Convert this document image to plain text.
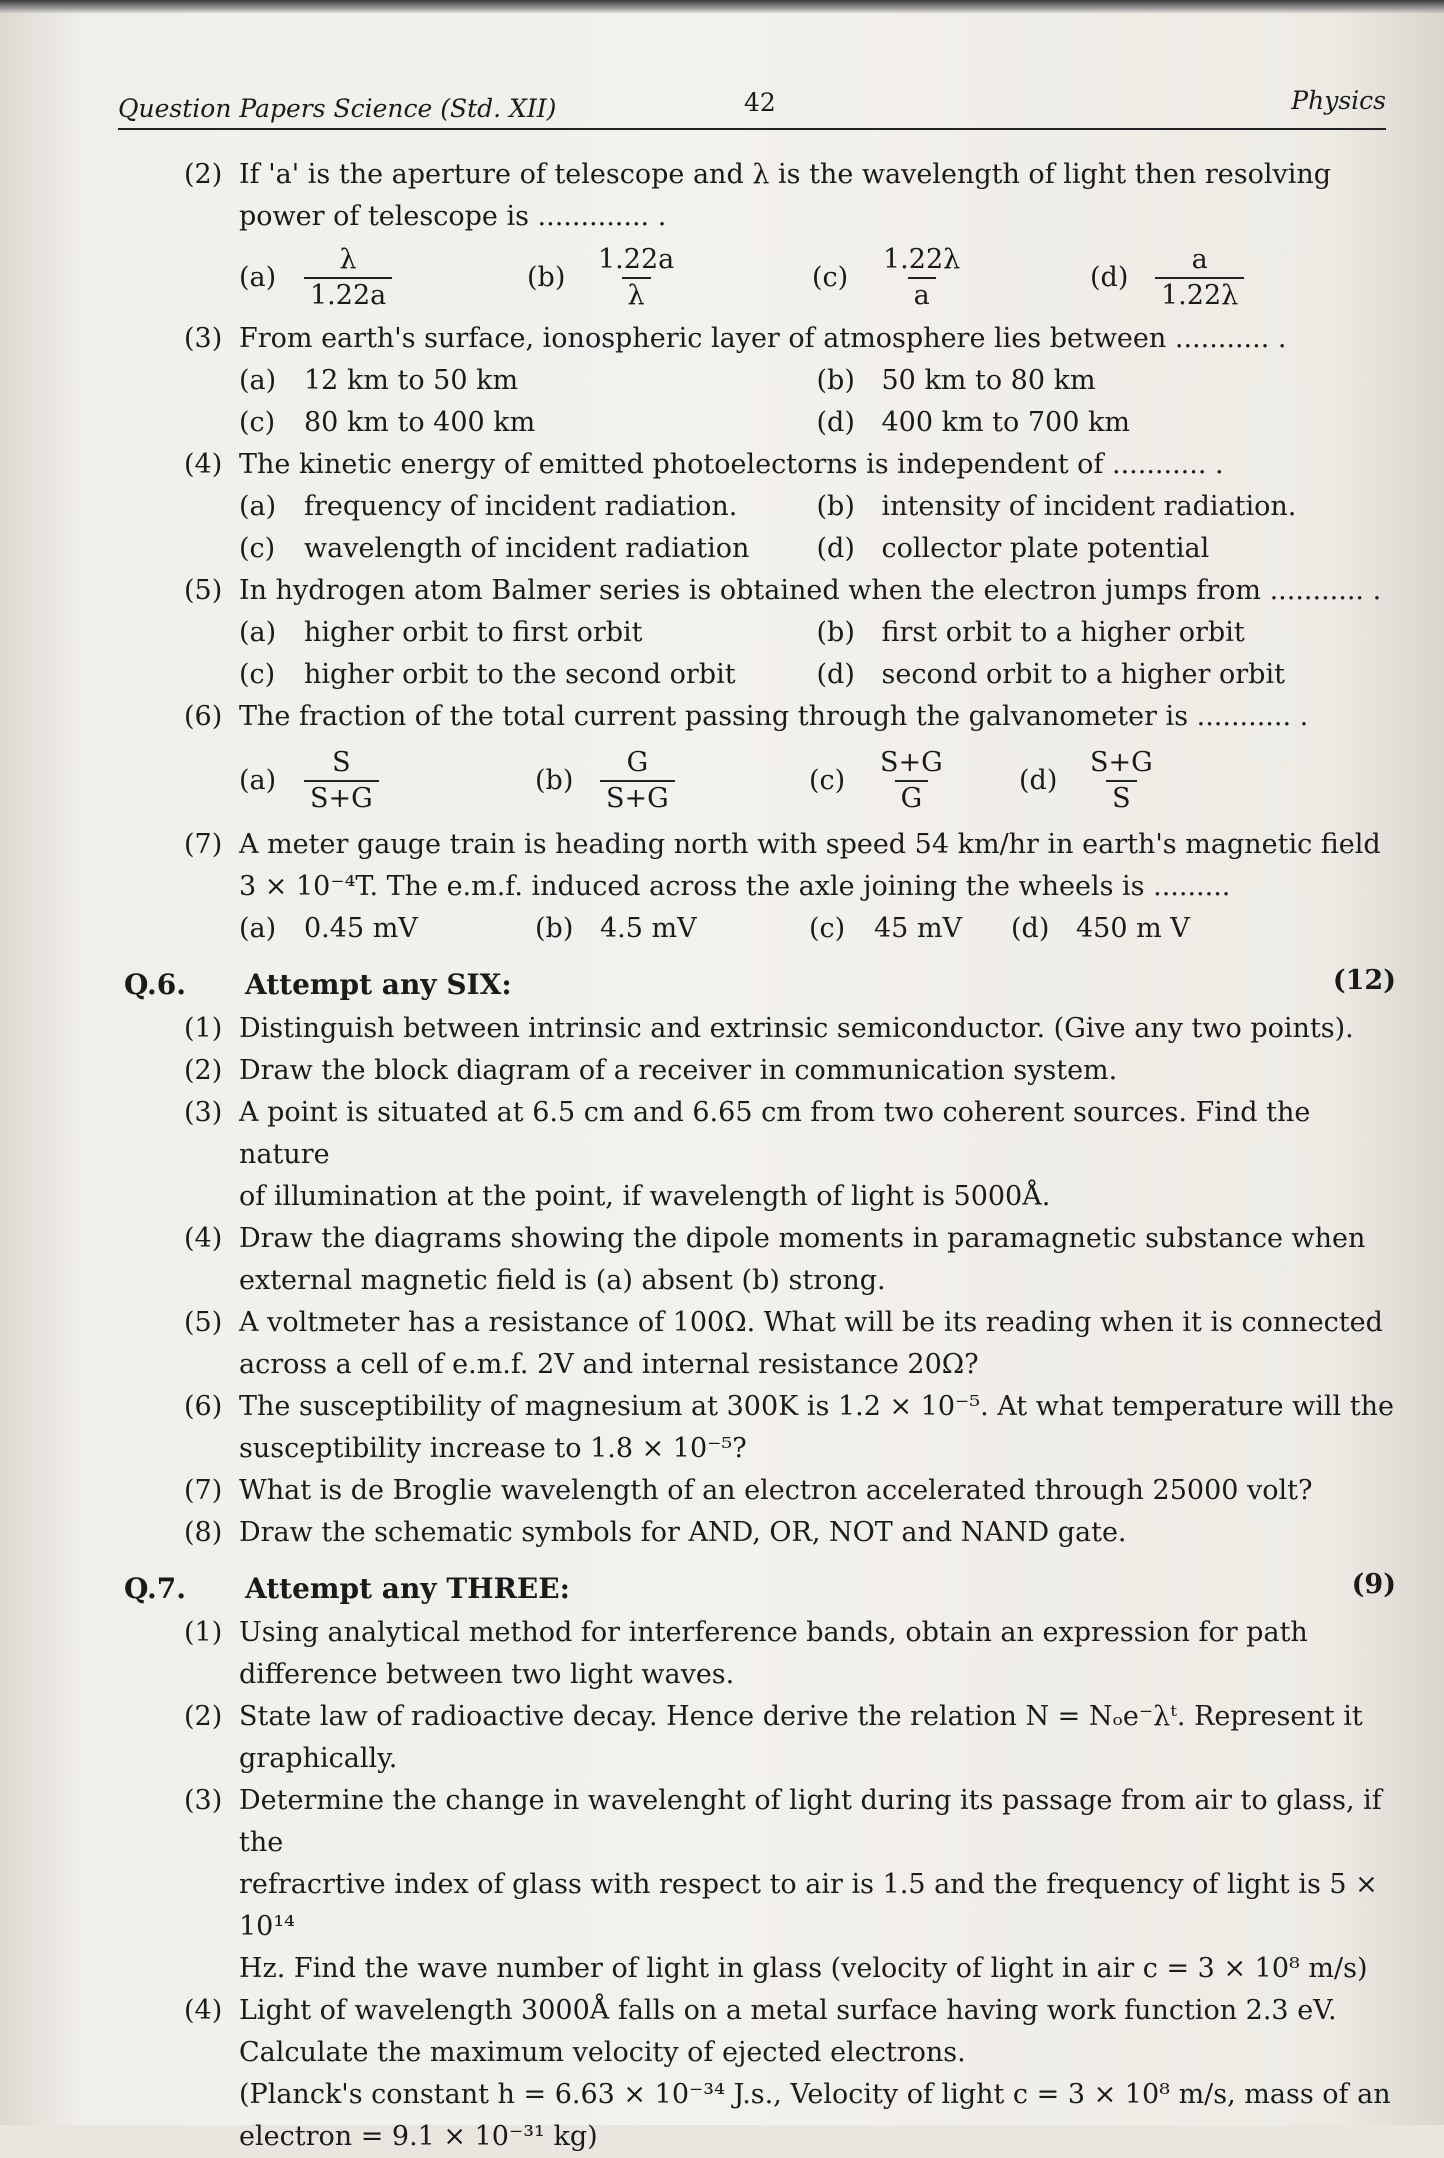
Question Papers Science (Std. XII)	42	Physics
(2) If 'a' is the aperture of telescope and λ is the wavelength of light then resolving
power of telescope is ............. .
(a)	$\frac{\lambda}{1.22a}$	$(b) \frac{1.22a}{\lambda}$	(c)	$\frac{1.22\lambda}{a}$	$(d) \frac{a}{1.22\lambda}$
(3) From earth's surface, ionospheric layer of atmosphere lies between ........... .
(a)	12 km to 50 km	(b) 50 km to 80 km
(c)	80 km to 400 km	(d) 400 km to 700 km
(4) The kinetic energy of emitted photoelectorns is independent of ........... .
(a)	frequency of incident radiation.	(b) intensity of incident radiation.
(c)	wavelength of incident radiation (d) collector plate potential
(5) In hydrogen atom Balmer series is obtained when the electron jumps from ........... .
(a)	higher orbit to first orbit	(b) first orbit to a higher orbit
(c)	higher orbit to the second orbit	(d) second orbit to a higher orbit
(6) The fraction of the total current passing through the galvanometer is ........... .
(a)	$\frac{S}{S+G}$	$(b) \frac{G}{S+G}$	(c)	$\frac{S+G}{G}$	$(d) \frac{S+G}{S}$
(7) A meter gauge train is heading north with speed 54 km/hr in earth's magnetic field
3 × 10⁻⁴T. The e.m.f. induced across the axle joining the wheels is .........
(a)	0.45 mV	(b) 4.5 mV	(c)	45 mV (d) 450 m V
Q.6. Attempt any SIX:	(12)
(1) Distinguish between intrinsic and extrinsic semiconductor. (Give any two points).
(2) Draw the block diagram of a receiver in communication system.
(3) A point is situated at 6.5 cm and 6.65 cm from two coherent sources. Find the nature
of illumination at the point, if wavelength of light is 5000Å.
(4) Draw the diagrams showing the dipole moments in paramagnetic substance when
external magnetic field is (a) absent (b) strong.
(5) A voltmeter has a resistance of 100Ω. What will be its reading when it is connected
across a cell of e.m.f. 2V and internal resistance 20Ω?
(6) The susceptibility of magnesium at 300K is 1.2 × 10⁻⁵. At what temperature will the
susceptibility increase to 1.8 × 10⁻⁵?
(7) What is de Broglie wavelength of an electron accelerated through 25000 volt?
(8) Draw the schematic symbols for AND, OR, NOT and NAND gate.
Q.7. Attempt any THREE:	(9)
(1) Using analytical method for interference bands, obtain an expression for path
difference between two light waves.
(2) State law of radioactive decay. Hence derive the relation N = Nₒe⁻λᵗ. Represent it
graphically.
(3) Determine the change in wavelenght of light during its passage from air to glass, if the
refracrtive index of glass with respect to air is 1.5 and the frequency of light is 5 × 10¹⁴
Hz. Find the wave number of light in glass (velocity of light in air c = 3 × 10⁸ m/s)
(4) Light of wavelength 3000Å falls on a metal surface having work function 2.3 eV.
Calculate the maximum velocity of ejected electrons.
(Planck's constant h = 6.63 × 10⁻³⁴ J.s., Velocity of light c = 3 × 10⁸ m/s, mass of an
electron = 9.1 × 10⁻³¹ kg)
